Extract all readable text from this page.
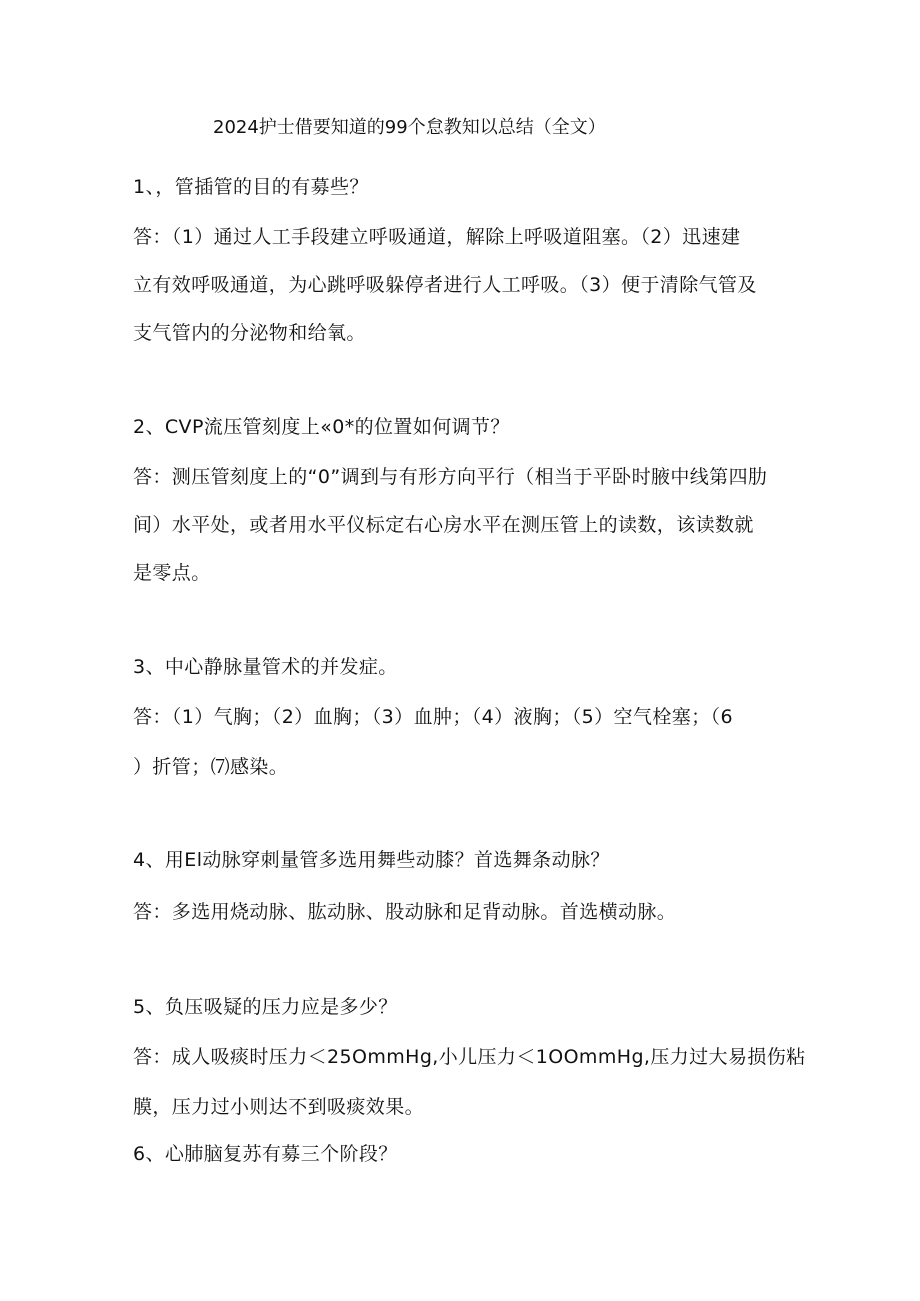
2024护士借要知道的99个怠教知以总结（全文）
1、，管插管的目的有募些？
答：（1）通过人工手段建立呼吸通道，解除上呼吸道阻塞。（2）迅速建
立有效呼吸通道，为心跳呼吸躲停者进行人工呼吸。（3）便于清除气管及
支气管内的分泌物和给氧。
2、CVP流压管刻度上«0*的位置如何调节？
答：测压管刻度上的“0”调到与有形方向平行（相当于平卧时腋中线第四肋
间）水平处，或者用水平仪标定右心房水平在测压管上的读数，该读数就
是零点。
3、中心静脉量管术的并发症。
答：（1）气胸；（2）血胸；（3）血肿；（4）液胸；（5）空气栓塞；（6
）折管；⑺感染。
4、用El动脉穿刺量管多选用舞些动膝？首选舞条动脉？
答：多选用烧动脉、肱动脉、股动脉和足背动脉。首选横动脉。
5、负压吸疑的压力应是多少？
答：成人吸痰时压力＜25OmmHg,小儿压力＜1OOmmHg,压力过大易损伤粘
膜，压力过小则达不到吸痰效果。
6、心肺脑复苏有募三个阶段？
